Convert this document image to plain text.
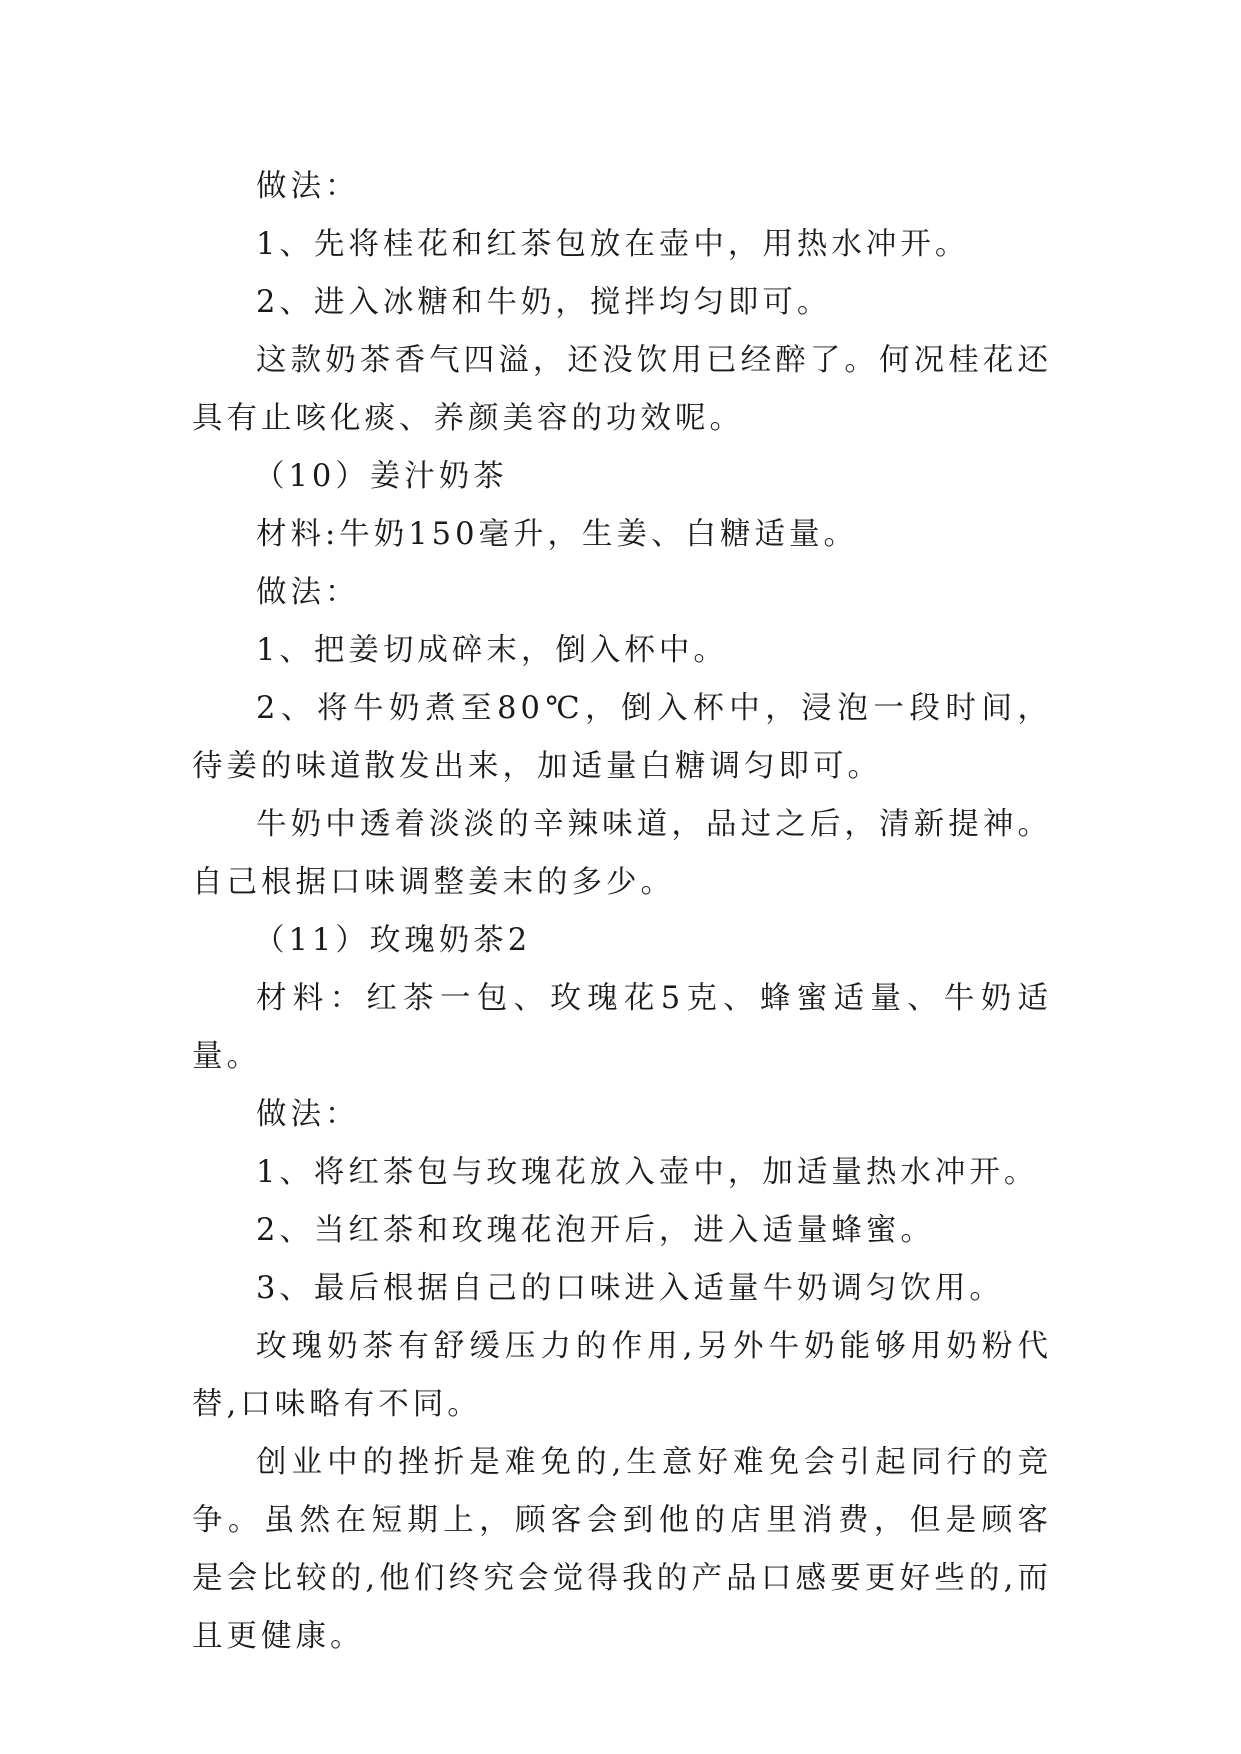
做法：

1、先将桂花和红茶包放在壶中，用热水冲开。

2、进入冰糖和牛奶，搅拌均匀即可。

这款奶茶香气四溢，还没饮用已经醉了。何况桂花还具有止咳化痰、养颜美容的功效呢。

（10）姜汁奶茶

材料:牛奶150毫升，生姜、白糖适量。

做法：

1、把姜切成碎末，倒入杯中。

2、将牛奶煮至80℃，倒入杯中，浸泡一段时间，待姜的味道散发出来，加适量白糖调匀即可。

牛奶中透着淡淡的辛辣味道，品过之后，清新提神。自己根据口味调整姜末的多少。

（11）玫瑰奶茶2

材料：红茶一包、玫瑰花5克、蜂蜜适量、牛奶适量。

做法：

1、将红茶包与玫瑰花放入壶中，加适量热水冲开。

2、当红茶和玫瑰花泡开后，进入适量蜂蜜。

3、最后根据自己的口味进入适量牛奶调匀饮用。

玫瑰奶茶有舒缓压力的作用,另外牛奶能够用奶粉代替,口味略有不同。

创业中的挫折是难免的,生意好难免会引起同行的竞争。虽然在短期上，顾客会到他的店里消费，但是顾客是会比较的,他们终究会觉得我的产品口感要更好些的,而且更健康。
